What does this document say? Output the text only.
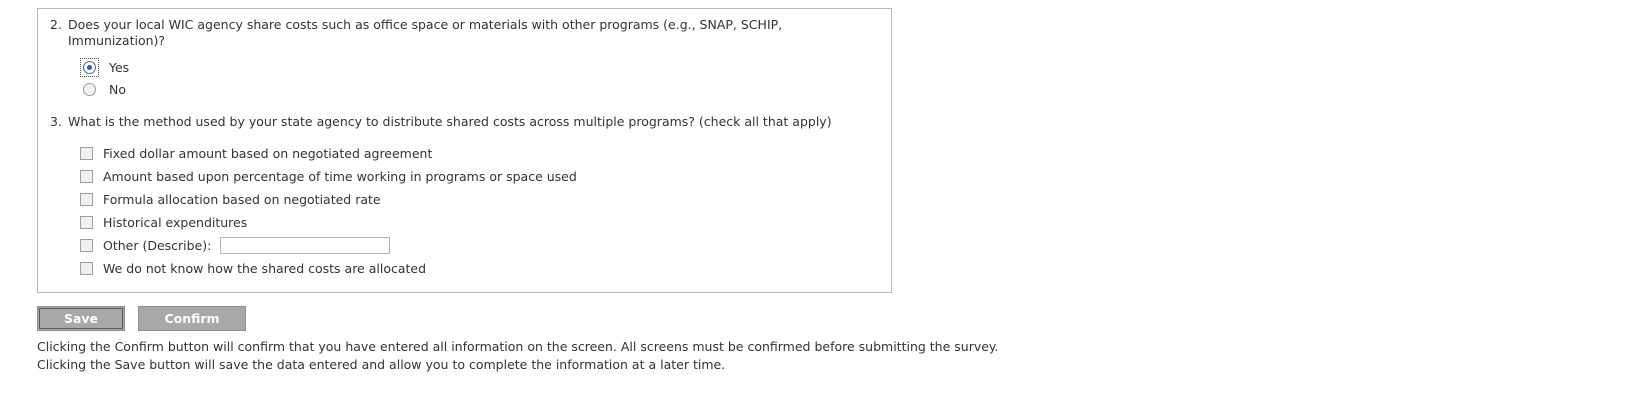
2. Does your local WIC agency share costs such as office space or materials with other programs (e.g., SNAP, SCHIP, Immunization)?
Yes
No
3. What is the method used by your state agency to distribute shared costs across multiple programs? (check all that apply)
Fixed dollar amount based on negotiated agreement
Amount based upon percentage of time working in programs or space used
Formula allocation based on negotiated rate
Historical expenditures
Other (Describe):
We do not know how the shared costs are allocated
Save	Confirm
Clicking the Confirm button will confirm that you have entered all information on the screen. All screens must be confirmed before submitting the survey.
Clicking the Save button will save the data entered and allow you to complete the information at a later time.
